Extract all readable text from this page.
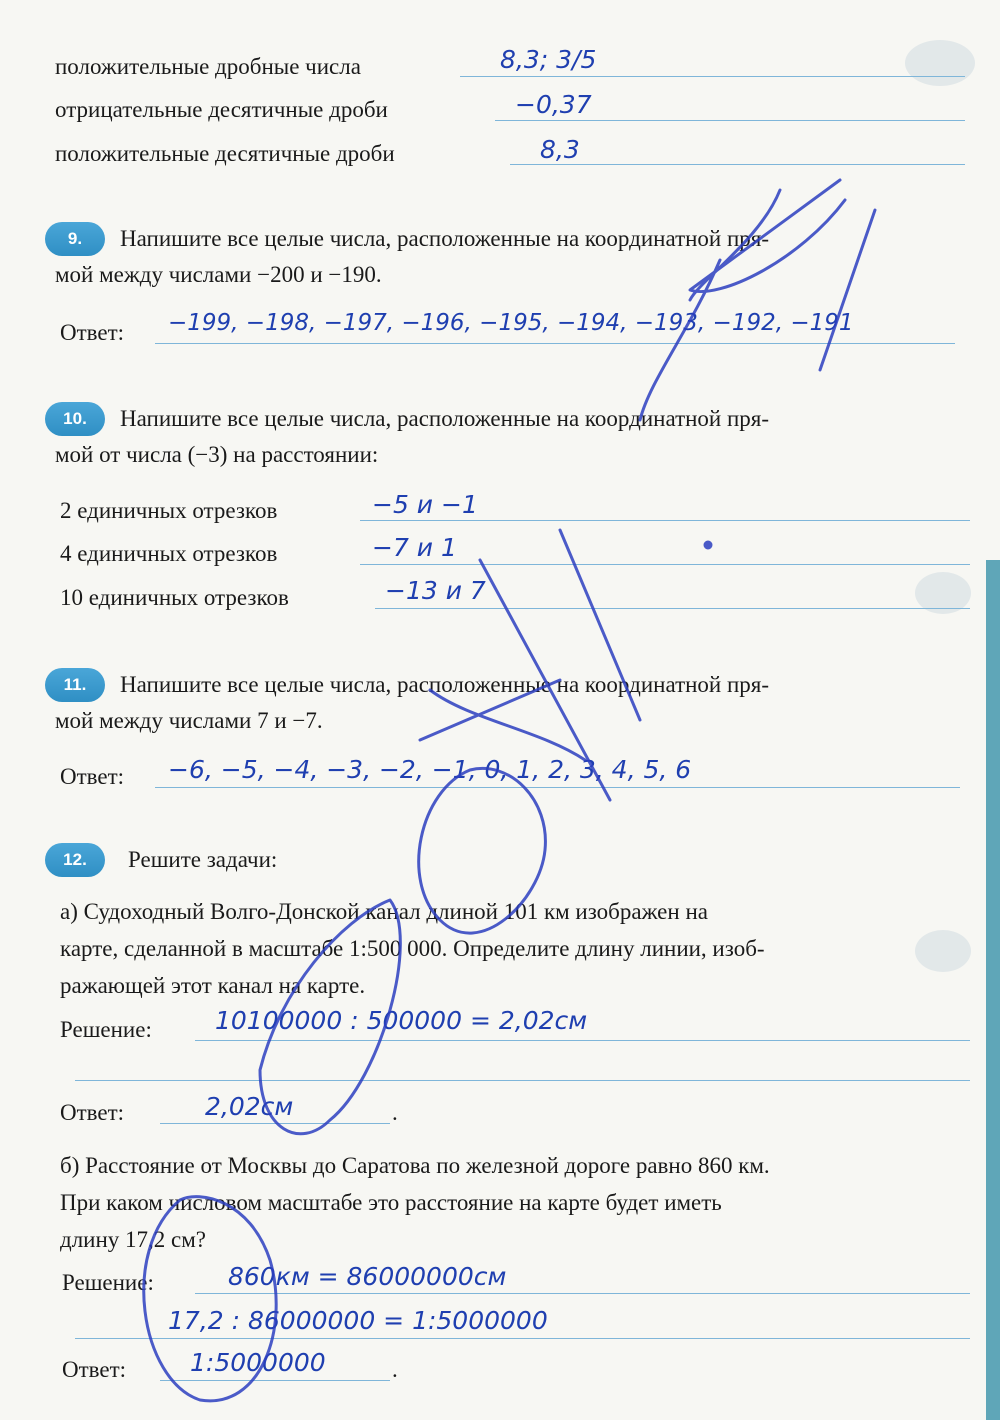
положительные дробные числа	8,3; 3/5
отрицательные десятичные дроби	−0,37
положительные десятичные дроби	8,3
9.	Напишите все целые числа, расположенные на координатной пря-
мой между числами −200 и −190.
Ответ: −199, −198, −197, −196, −195, −194, −193, −192, −191
10.	Напишите все целые числа, расположенные на координатной пря-
мой от числа (−3) на расстоянии:
2 единичных отрезков	−5 и −1
4 единичных отрезков	−7 и 1
10 единичных отрезков	−13 и 7
11.	Напишите все целые числа, расположенные на координатной пря-
мой между числами 7 и −7.
Ответ: −6, −5, −4, −3, −2, −1, 0, 1, 2, 3, 4, 5, 6
12.	Решите задачи:
а) Судоходный Волго-Донской канал длиной 101 км изображен на
карте, сделанной в масштабе 1:500 000. Определите длину линии, изоб-
ражающей этот канал на карте.
Решение:	10100000 : 500000 = 2,02см
Ответ:	.
2,02см
б) Расстояние от Москвы до Саратова по железной дороге равно 860 км.
При каком числовом масштабе это расстояние на карте будет иметь
длину 17,2 см?
Решение:	860км = 86000000см
17,2 : 86000000 = 1:5000000
Ответ:	.
1:5000000
